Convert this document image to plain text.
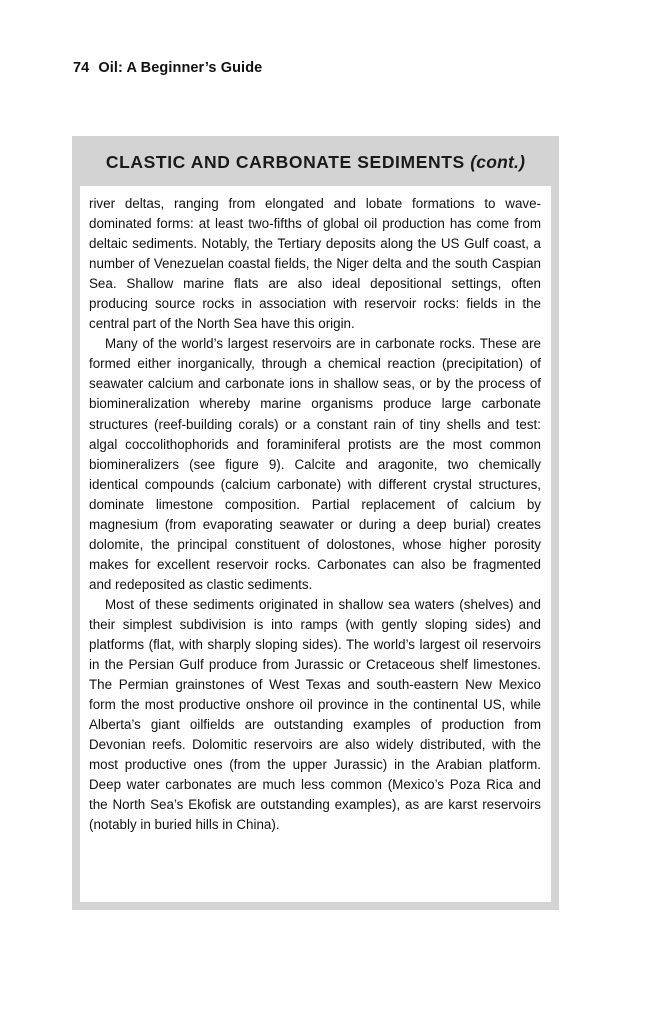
74 Oil: A Beginner’s Guide
CLASTIC AND CARBONATE SEDIMENTS (cont.)

river deltas, ranging from elongated and lobate formations to wave-dominated forms: at least two-fifths of global oil production has come from deltaic sediments. Notably, the Tertiary deposits along the US Gulf coast, a number of Venezuelan coastal fields, the Niger delta and the south Caspian Sea. Shallow marine flats are also ideal depositional settings, often producing source rocks in association with reservoir rocks: fields in the central part of the North Sea have this origin.

Many of the world’s largest reservoirs are in carbonate rocks. These are formed either inorganically, through a chemical reaction (precipitation) of seawater calcium and carbonate ions in shallow seas, or by the process of biomineralization whereby marine organisms produce large carbonate structures (reef-building corals) or a constant rain of tiny shells and test: algal coccolithophorids and foraminiferal protists are the most common biomineralizers (see figure 9). Calcite and aragonite, two chemically identical compounds (calcium carbonate) with different crystal structures, dominate limestone composition. Partial replacement of calcium by magnesium (from evaporating seawater or during a deep burial) creates dolomite, the principal constituent of dolostones, whose higher porosity makes for excellent reservoir rocks. Carbonates can also be fragmented and redeposited as clastic sediments.

Most of these sediments originated in shallow sea waters (shelves) and their simplest subdivision is into ramps (with gently sloping sides) and platforms (flat, with sharply sloping sides). The world’s largest oil reservoirs in the Persian Gulf produce from Jurassic or Cretaceous shelf limestones. The Permian grainstones of West Texas and south-eastern New Mexico form the most productive onshore oil province in the continental US, while Alberta’s giant oilfields are outstanding examples of production from Devonian reefs. Dolomitic reservoirs are also widely distributed, with the most productive ones (from the upper Jurassic) in the Arabian platform. Deep water carbonates are much less common (Mexico’s Poza Rica and the North Sea’s Ekofisk are outstanding examples), as are karst reservoirs (notably in buried hills in China).
